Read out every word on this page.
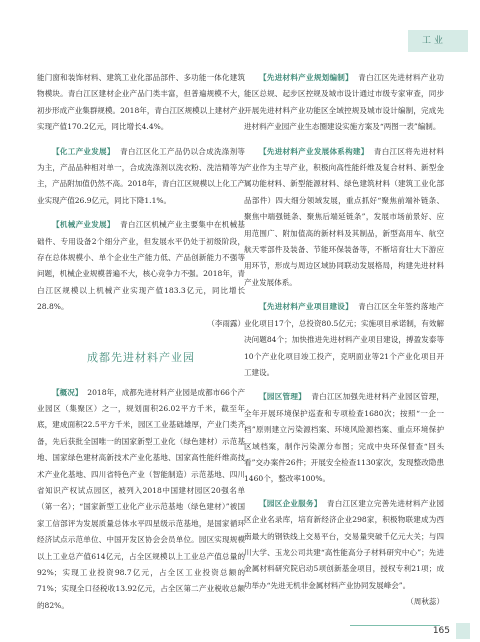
工 业

能门窗和装饰材料、建筑工业化部品部件、多功能一体化建筑物模块。青白江区建材企业产品门类丰富，但普遍规模不大，初步形成产业集群规模。2018年，青白江区规模以上建材产业实现产值170.2亿元，同比增长4.4%。

【化工产业发展】 青白江区化工产品仍以合成洗涤剂等为主，产品品种相对单一，合成洗涤剂以洗衣粉、洗洁精等为主，产品附加值仍然不高。2018年，青白江区规模以上化工产业实现产值26.9亿元，同比下降1.1%。

【机械产业发展】 青白江区机械产业主要集中在机械基础件、专用设备2个细分产业，但发展水平仍处于初级阶段，存在总体规模小、单个企业生产能力低、产品创新能力不强等问题，机械企业规模普遍不大，核心竞争力不强。2018年，青白江区规模以上机械产业实现产值183.3亿元，同比增长28.8%。

（李雨露）
成都先进材料产业园

【概况】 2018年，成都先进材料产业园是成都市66个产业园区（集聚区）之一，规划面积26.02平方千米，截至年底，建成面积22.5平方千米，园区工业基础雄厚，产业门类齐备，先后获批全国唯一的国家新型工业化（绿色建材）示范基地、国家绿色建材高新技术产业化基地、国家高性能纤维高技术产业化基地、四川省特色产业（智能制造）示范基地、四川省知识产权试点园区，被列入2018中国建材园区20强名单（第一名）；“国家新型工业化产业示范基地（绿色建材）”被国家工信部评为发展质量总体水平四星级示范基地，是国家循环经济试点示范单位、中国开发区协会会员单位。园区实现规模以上工业总产值614亿元，占全区规模以上工业总产值总量的92%；实现工业投资98.7亿元，占全区工业投资总额的71%；实现全口径税收13.92亿元，占全区第二产业税收总额的82%。

【先进材料产业规划编制】 青白江区先进材料产业功能区总规、起步区控规及城市设计通过市级专家审查，同步开展先进材料产业功能区全域控规及城市设计编制，完成先进材料产业园产业生态圈建设实施方案及“两图一表”编制。

【先进材料产业发展体系构建】 青白江区将先进材料产业作为主导产业，积极向高性能纤维及复合材料、新型金属功能材料、新型能源材料、绿色建筑材料（建筑工业化部品部件）四大细分领域发展，重点抓好“聚焦前端补链条、聚焦中端强链条、聚焦后端延链条”，发展市场前景好、应用范围广、附加值高的新材料及其制品，新型高用车、航空航天零部件及装备、节能环保装备等，不断培育壮大下游应用环节，形成与周边区域协同联动发展格局，构建先进材料产业发展体系。

【先进材料产业项目建设】 青白江区全年签约落地产业化项目17个，总投资80.5亿元；实施项目承诺制，有效解决问题84个；加快推进先进材料产业项目建设，搏盈发泰等10个产业化项目竣工投产，克明面业等21个产业化项目开工建设。

【园区管理】 青白江区加强先进材料产业园区管理，全年开展环境保护巡查和专项检查1680次；按照“一企一档”原则建立污染源档案、环境风险源档案、重点环境保护区域档案，制作污染源分布图；完成中央环保督查“回头看”交办案件26件；开展安全检查1130家次，发现整改隐患1460个，整改率100%。

【园区企业服务】 青白江区建立完善先进材料产业园区企业名录库，培育新经济企业298家，积极物联建成为西南最大的钢铁线上交易平台，交易量突破千亿元大关；与四川大学、玉龙公司共建“高性能高分子材料研究中心”；先进金属材料研究院启动5项创新基金项目，授权专利21项；成功举办“先进无机非金属材料产业协同发展峰会”。

（周秋蕊）
165
